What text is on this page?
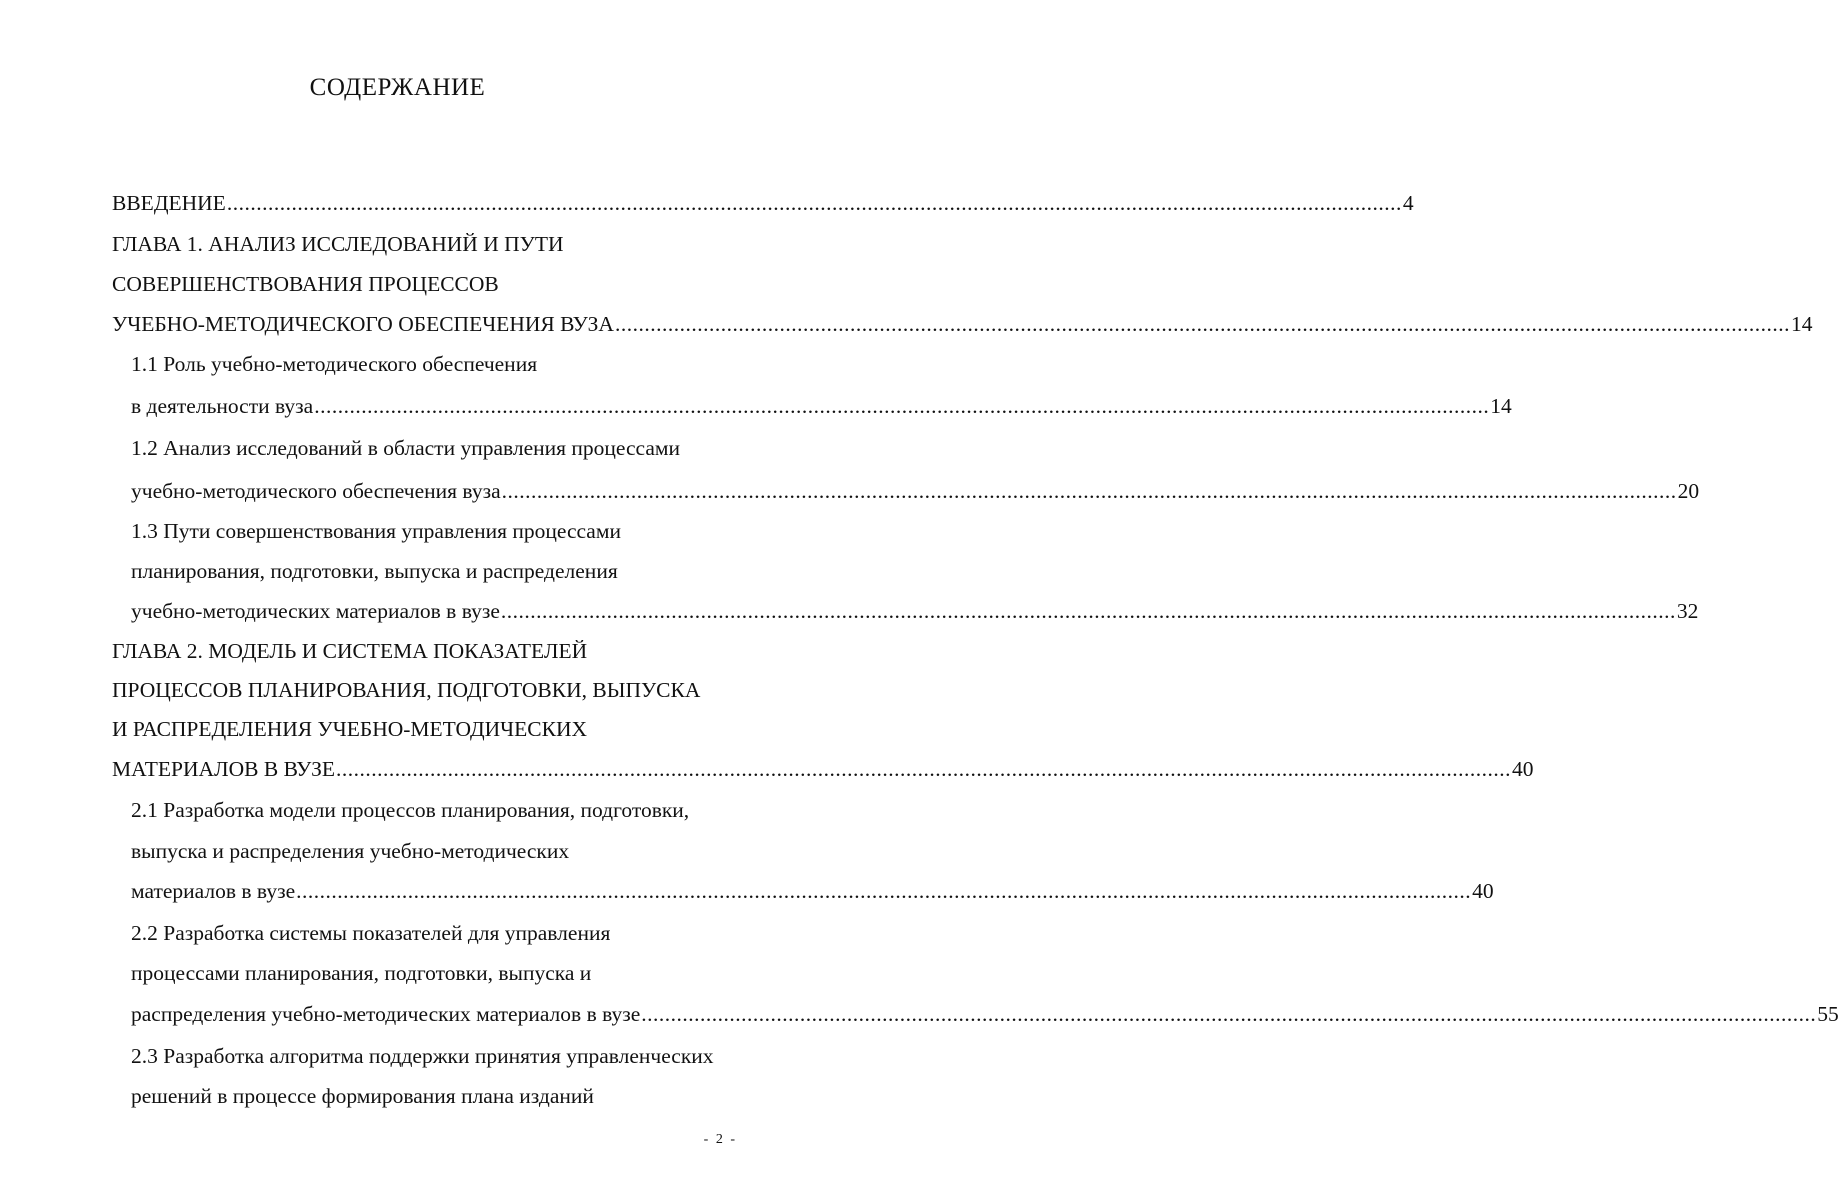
СОДЕРЖАНИЕ
ВВЕДЕНИЕ ........................................................................................................................................................................................................ 4
ГЛАВА 1. АНАЛИЗ ИССЛЕДОВАНИЙ И ПУТИ
СОВЕРШЕНСТВОВАНИЯ ПРОЦЕССОВ
УЧЕБНО-МЕТОДИЧЕСКОГО ОБЕСПЕЧЕНИЯ ВУЗА ........................................................................................................................................................................................................ 14
1.1 Роль учебно-методического обеспечения
в деятельности вуза ........................................................................................................................................................................................................ 14
1.2 Анализ исследований в области управления процессами
учебно-методического обеспечения вуза ........................................................................................................................................................................................................ 20
1.3 Пути совершенствования управления процессами
планирования, подготовки, выпуска и распределения
учебно-методических материалов в вузе ........................................................................................................................................................................................................ 32
ГЛАВА 2. МОДЕЛЬ И СИСТЕМА ПОКАЗАТЕЛЕЙ
ПРОЦЕССОВ ПЛАНИРОВАНИЯ, ПОДГОТОВКИ, ВЫПУСКА
И РАСПРЕДЕЛЕНИЯ УЧЕБНО-МЕТОДИЧЕСКИХ
МАТЕРИАЛОВ В ВУЗЕ ........................................................................................................................................................................................................ 40
2.1 Разработка модели процессов планирования, подготовки,
выпуска и распределения учебно-методических
материалов в вузе ........................................................................................................................................................................................................ 40
2.2 Разработка системы показателей для управления
процессами планирования, подготовки, выпуска и
распределения учебно-методических материалов в вузе ........................................................................................................................................................................................................ 55
2.3 Разработка алгоритма поддержки принятия управленческих
решений в процессе формирования плана изданий
- 2 -
